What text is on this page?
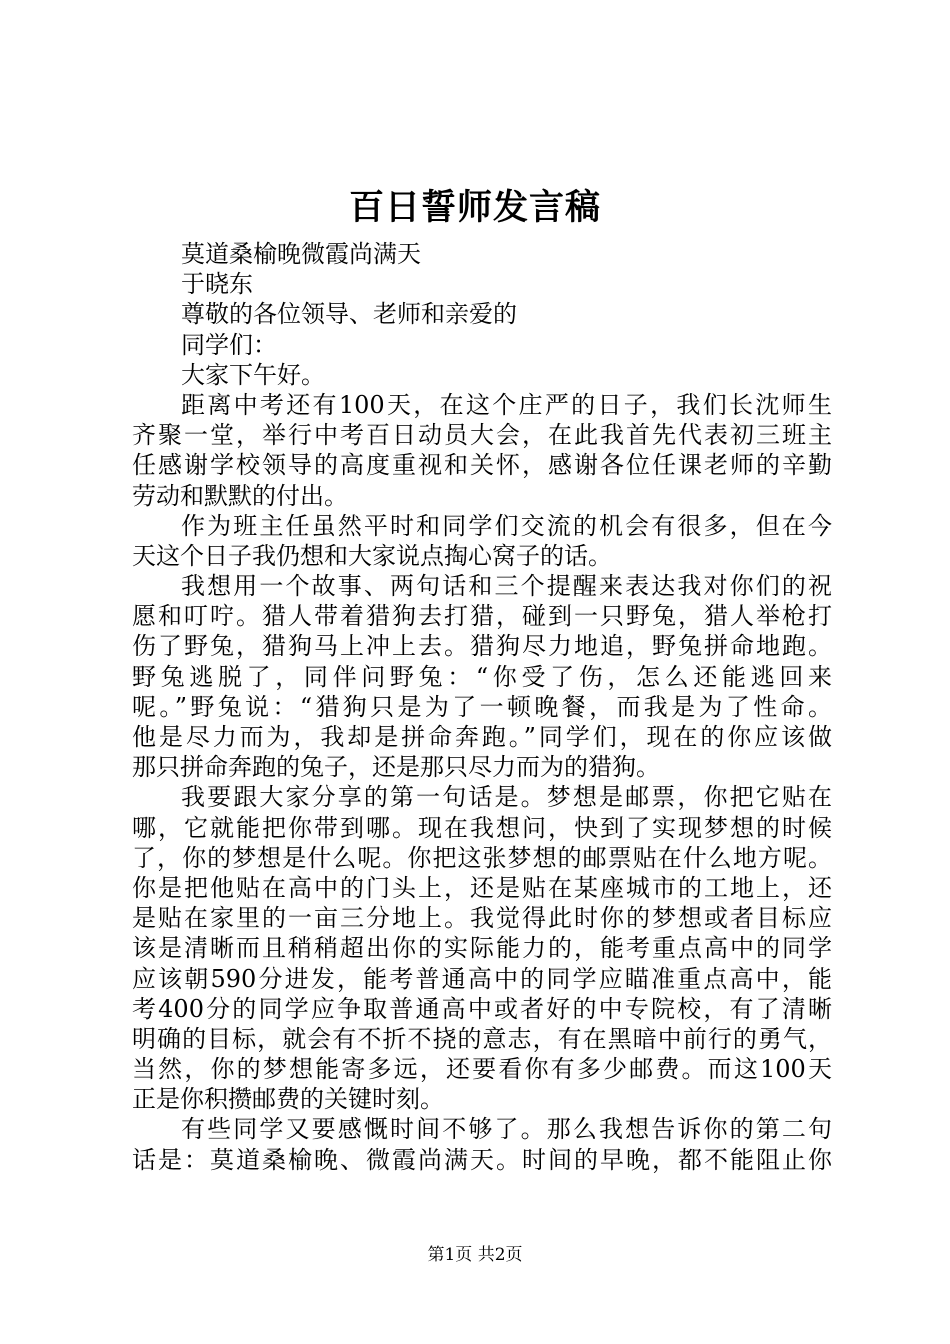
百日誓师发言稿
莫道桑榆晚微霞尚满天
于晓东
尊敬的各位领导、老师和亲爱的
同学们：
大家下午好。
距离中考还有100天，在这个庄严的日子，我们长沈师生
齐聚一堂，举行中考百日动员大会，在此我首先代表初三班主
任感谢学校领导的高度重视和关怀，感谢各位任课老师的辛勤
劳动和默默的付出。
作为班主任虽然平时和同学们交流的机会有很多，但在今
天这个日子我仍想和大家说点掏心窝子的话。
我想用一个故事、两句话和三个提醒来表达我对你们的祝
愿和叮咛。猎人带着猎狗去打猎，碰到一只野兔，猎人举枪打
伤了野兔，猎狗马上冲上去。猎狗尽力地追，野兔拼命地跑。
野兔逃脱了，同伴问野兔：“你受了伤，怎么还能逃回来
呢。”野兔说：“猎狗只是为了一顿晚餐，而我是为了性命。
他是尽力而为，我却是拼命奔跑。”同学们，现在的你应该做
那只拼命奔跑的兔子，还是那只尽力而为的猎狗。
我要跟大家分享的第一句话是。梦想是邮票，你把它贴在
哪，它就能把你带到哪。现在我想问，快到了实现梦想的时候
了，你的梦想是什么呢。你把这张梦想的邮票贴在什么地方呢。
你是把他贴在高中的门头上，还是贴在某座城市的工地上，还
是贴在家里的一亩三分地上。我觉得此时你的梦想或者目标应
该是清晰而且稍稍超出你的实际能力的，能考重点高中的同学
应该朝590分进发，能考普通高中的同学应瞄准重点高中，能
考400分的同学应争取普通高中或者好的中专院校，有了清晰
明确的目标，就会有不折不挠的意志，有在黑暗中前行的勇气，
当然，你的梦想能寄多远，还要看你有多少邮费。而这100天
正是你积攒邮费的关键时刻。
有些同学又要感慨时间不够了。那么我想告诉你的第二句
话是：莫道桑榆晚、微霞尚满天。时间的早晚，都不能阻止你
第1页 共2页
